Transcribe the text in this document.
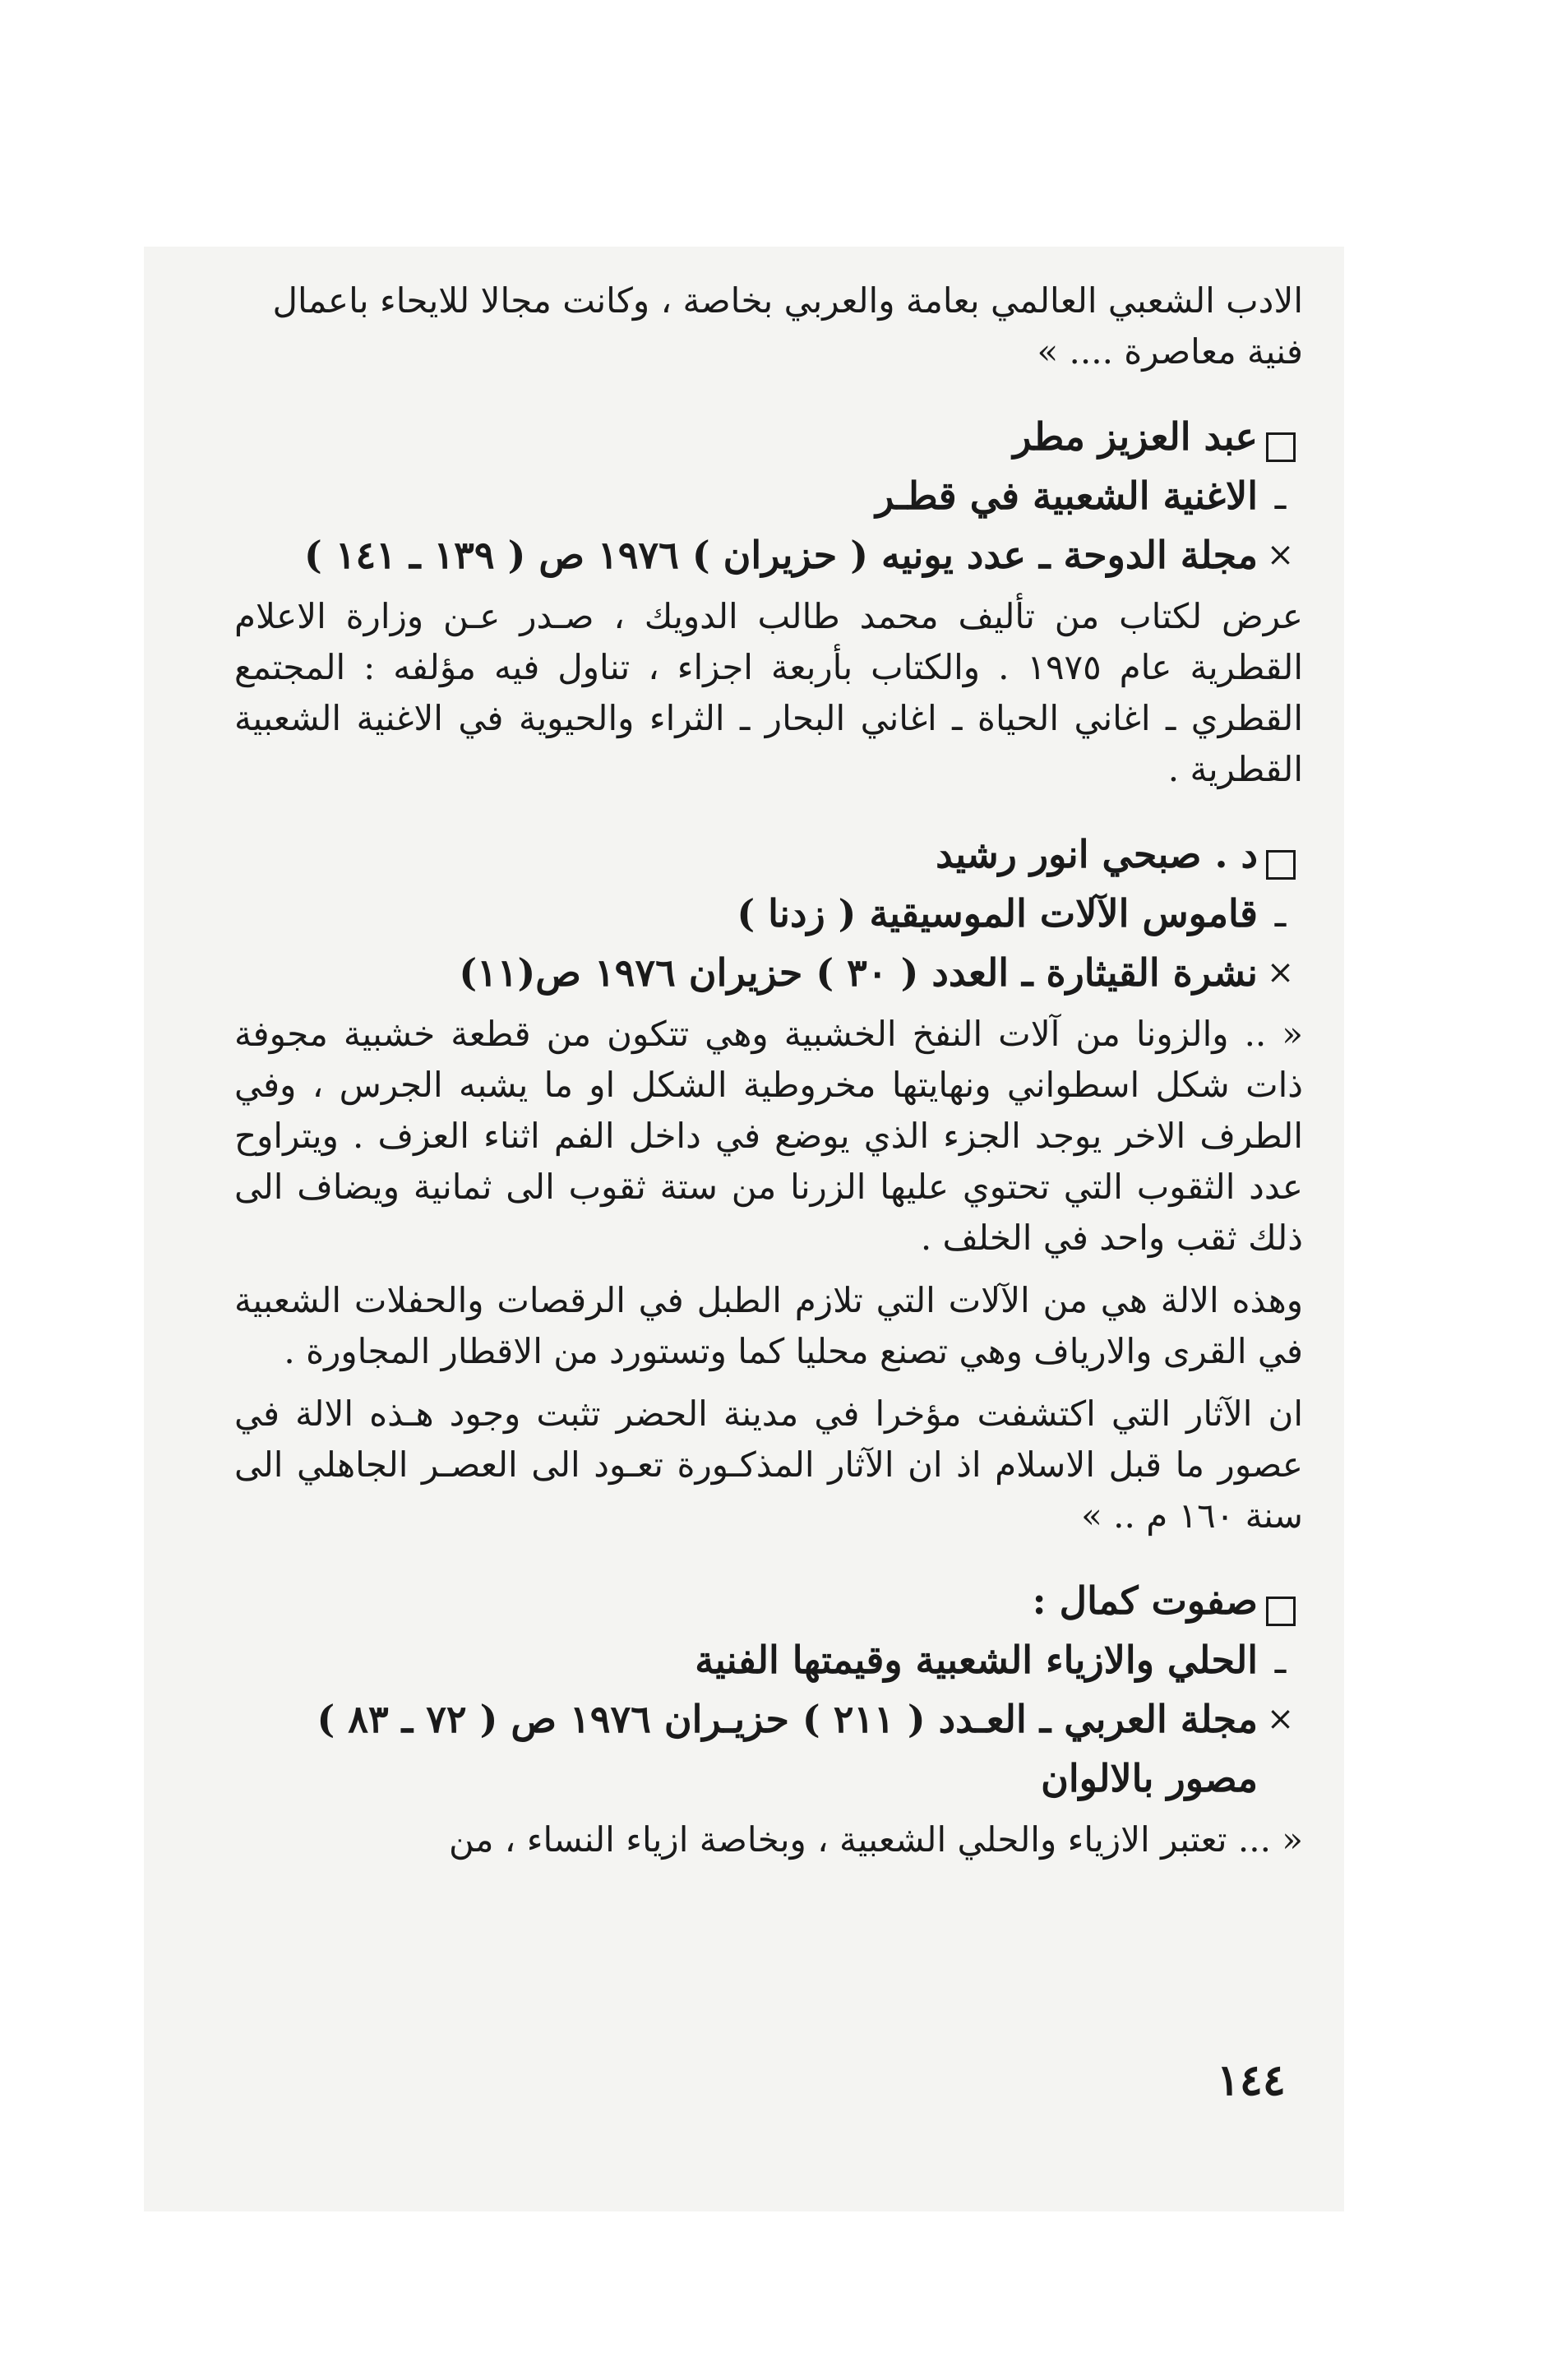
الادب الشعبي العالمي بعامة والعربي بخاصة ، وكانت مجالا للايحاء باعمال

فنية معاصرة .... »

عبد العزيز مطر
ـ
الاغنية الشعبية في قطـر
×
مجلة الدوحة ـ عدد يونيه ( حزيران ) ١٩٧٦ ص ( ١٣٩ ـ ١٤١ )

عرض لكتاب من تأليف محمد طالب الدويك ، صـدر عـن وزارة الاعلام القطرية عام ١٩٧٥ . والكتاب بأربعة اجزاء ، تناول فيه مؤلفه : المجتمع القطري ـ اغاني الحياة ـ اغاني البحار ـ الثراء والحيوية في الاغنية الشعبية القطرية .

د . صبحي انور رشيد
ـ
قاموس الآلات الموسيقية ( زدنا )
×
نشرة القيثارة ـ العدد ( ٣٠ ) حزيران ١٩٧٦ ص(١١)

« .. والزونا من آلات النفخ الخشبية وهي تتكون من قطعة خشبية مجوفة ذات شكل اسطواني ونهايتها مخروطية الشكل او ما يشبه الجرس ، وفي الطرف الاخر يوجد الجزء الذي يوضع في داخل الفم اثناء العزف . ويتراوح عدد الثقوب التي تحتوي عليها الزرنا من ستة ثقوب الى ثمانية ويضاف الى ذلك ثقب واحد في الخلف .

وهذه الالة هي من الآلات التي تلازم الطبل في الرقصات والحفلات الشعبية في القرى والارياف وهي تصنع محليا كما وتستورد من الاقطار المجاورة .

ان الآثار التي اكتشفت مؤخرا في مدينة الحضر تثبت وجود هـذه الالة في عصور ما قبل الاسلام اذ ان الآثار المذكـورة تعـود الى العصـر الجاهلي الى سنة ١٦٠ م .. »

صفوت كمال :
ـ
الحلي والازياء الشعبية وقيمتها الفنية
×
مجلة العربي ـ العـدد ( ٢١١ ) حزيـران ١٩٧٦ ص ( ٧٢ ـ ٨٣ )
مصور بالالوان

« ... تعتبر الازياء والحلي الشعبية ، وبخاصة ازياء النساء ، من

١٤٤
